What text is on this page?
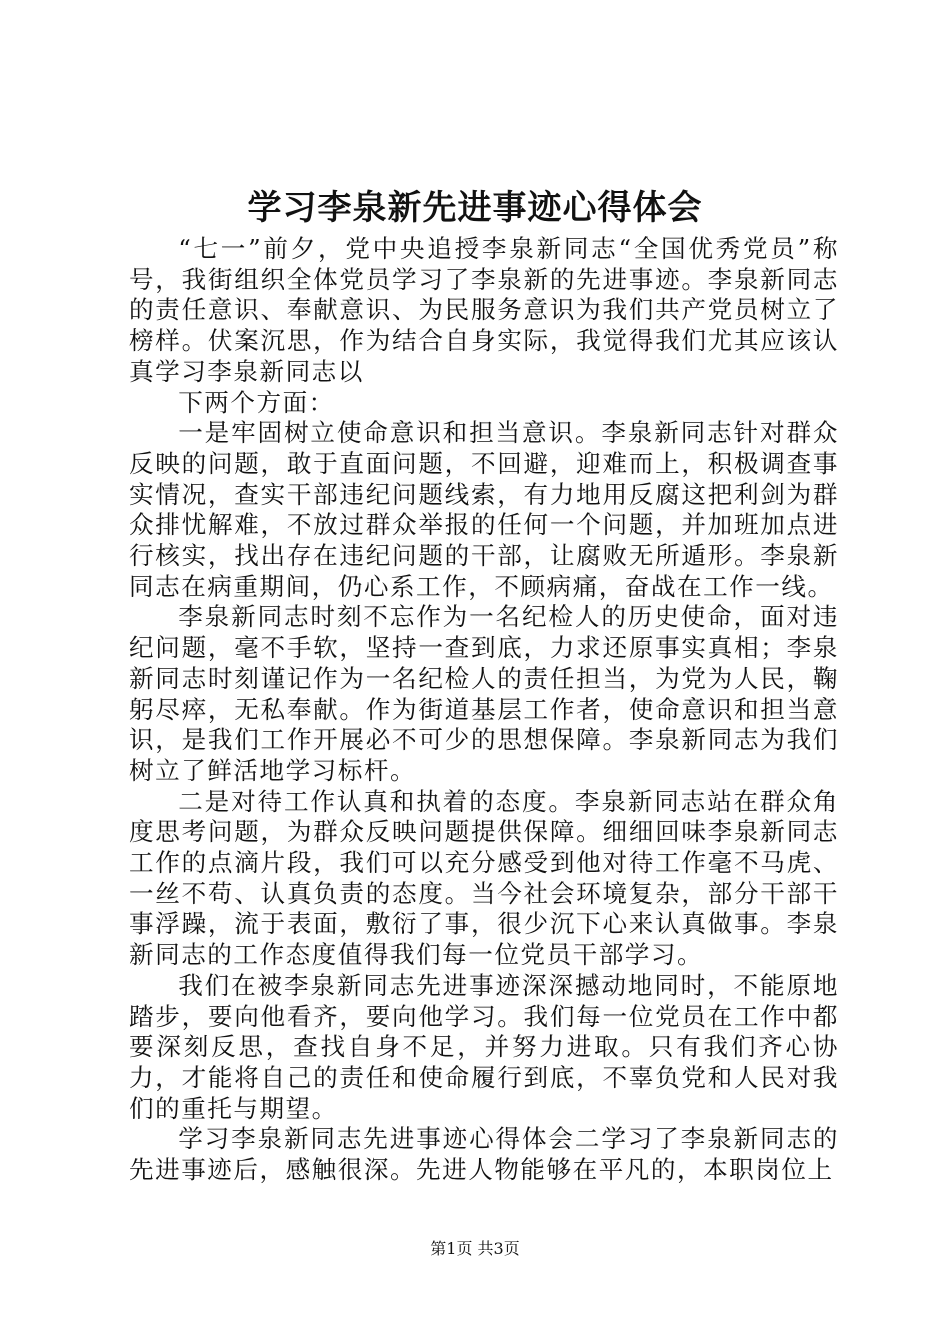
学习李泉新先进事迹心得体会

“七一”前夕，党中央追授李泉新同志“全国优秀党员”称号，我街组织全体党员学习了李泉新的先进事迹。李泉新同志的责任意识、奉献意识、为民服务意识为我们共产党员树立了榜样。伏案沉思，作为结合自身实际，我觉得我们尤其应该认真学习李泉新同志以

下两个方面：

一是牢固树立使命意识和担当意识。李泉新同志针对群众反映的问题，敢于直面问题，不回避，迎难而上，积极调查事实情况，查实干部违纪问题线索，有力地用反腐这把利剑为群众排忧解难，不放过群众举报的任何一个问题，并加班加点进行核实，找出存在违纪问题的干部，让腐败无所遁形。李泉新同志在病重期间，仍心系工作，不顾病痛，奋战在工作一线。

李泉新同志时刻不忘作为一名纪检人的历史使命，面对违纪问题，毫不手软，坚持一查到底，力求还原事实真相；李泉新同志时刻谨记作为一名纪检人的责任担当，为党为人民，鞠躬尽瘁，无私奉献。作为街道基层工作者，使命意识和担当意识，是我们工作开展必不可少的思想保障。李泉新同志为我们树立了鲜活地学习标杆。

二是对待工作认真和执着的态度。李泉新同志站在群众角度思考问题，为群众反映问题提供保障。细细回味李泉新同志工作的点滴片段，我们可以充分感受到他对待工作毫不马虎、一丝不苟、认真负责的态度。当今社会环境复杂，部分干部干事浮躁，流于表面，敷衍了事，很少沉下心来认真做事。李泉新同志的工作态度值得我们每一位党员干部学习。

我们在被李泉新同志先进事迹深深撼动地同时，不能原地踏步，要向他看齐，要向他学习。我们每一位党员在工作中都要深刻反思，查找自身不足，并努力进取。只有我们齐心协力，才能将自己的责任和使命履行到底，不辜负党和人民对我们的重托与期望。

学习李泉新同志先进事迹心得体会二学习了李泉新同志的先进事迹后，感触很深。先进人物能够在平凡的，本职岗位上

第1页 共3页
